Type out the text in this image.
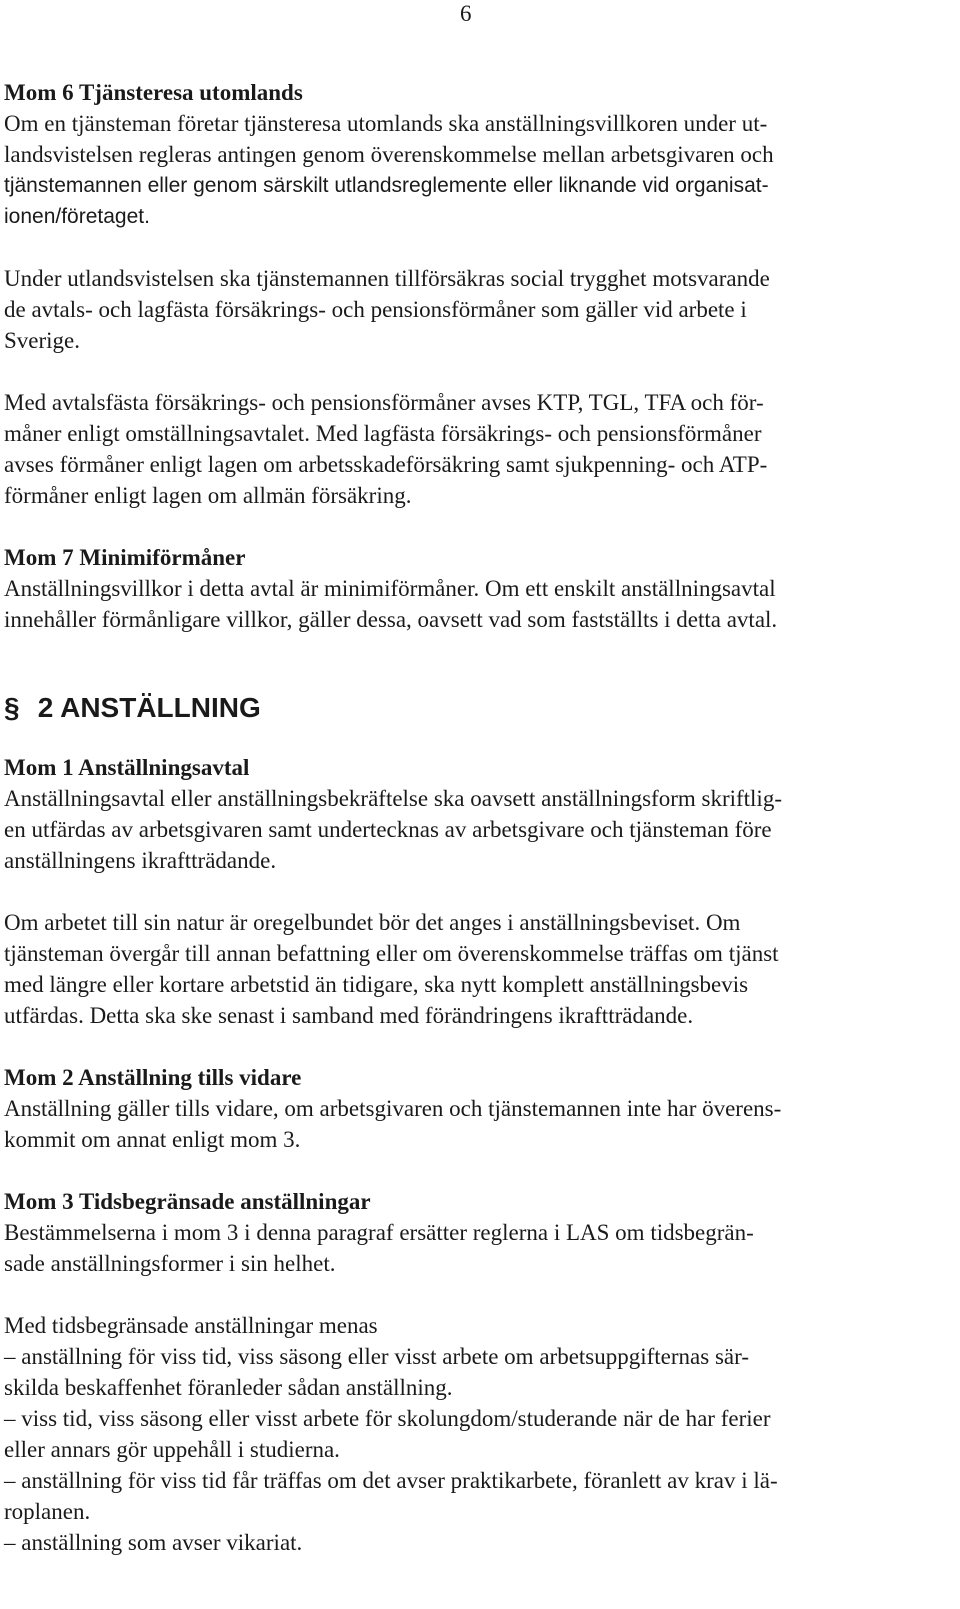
6
Mom 6 Tjänsteresa utomlands
Om en tjänsteman företar tjänsteresa utomlands ska anställningsvillkoren under ut-
landsvistelsen regleras antingen genom överenskommelse mellan arbetsgivaren och
tjänstemannen eller genom särskilt utlandsreglemente eller liknande vid organisat-
ionen/företaget.
Under utlandsvistelsen ska tjänstemannen tillförsäkras social trygghet motsvarande
de avtals- och lagfästa försäkrings- och pensionsförmåner som gäller vid arbete i
Sverige.
Med avtalsfästa försäkrings- och pensionsförmåner avses KTP, TGL, TFA och för-
måner enligt omställningsavtalet. Med lagfästa försäkrings- och pensionsförmåner
avses förmåner enligt lagen om arbetsskadeförsäkring samt sjukpenning- och ATP-
förmåner enligt lagen om allmän försäkring.
Mom 7 Minimiförmåner
Anställningsvillkor i detta avtal är minimiförmåner. Om ett enskilt anställningsavtal
innehåller förmånligare villkor, gäller dessa, oavsett vad som fastställts i detta avtal.
§ 2 ANSTÄLLNING
Mom 1 Anställningsavtal
Anställningsavtal eller anställningsbekräftelse ska oavsett anställningsform skriftlig-
en utfärdas av arbetsgivaren samt undertecknas av arbetsgivare och tjänsteman före
anställningens ikraftträdande.
Om arbetet till sin natur är oregelbundet bör det anges i anställningsbeviset. Om
tjänsteman övergår till annan befattning eller om överenskommelse träffas om tjänst
med längre eller kortare arbetstid än tidigare, ska nytt komplett anställningsbevis
utfärdas. Detta ska ske senast i samband med förändringens ikraftträdande.
Mom 2 Anställning tills vidare
Anställning gäller tills vidare, om arbetsgivaren och tjänstemannen inte har överens-
kommit om annat enligt mom 3.
Mom 3 Tidsbegränsade anställningar
Bestämmelserna i mom 3 i denna paragraf ersätter reglerna i LAS om tidsbegrän-
sade anställningsformer i sin helhet.
Med tidsbegränsade anställningar menas
– anställning för viss tid, viss säsong eller visst arbete om arbetsuppgifternas sär-
skilda beskaffenhet föranleder sådan anställning.
– viss tid, viss säsong eller visst arbete för skolungdom/studerande när de har ferier
eller annars gör uppehåll i studierna.
– anställning för viss tid får träffas om det avser praktikarbete, föranlett av krav i lä-
roplanen.
– anställning som avser vikariat.
